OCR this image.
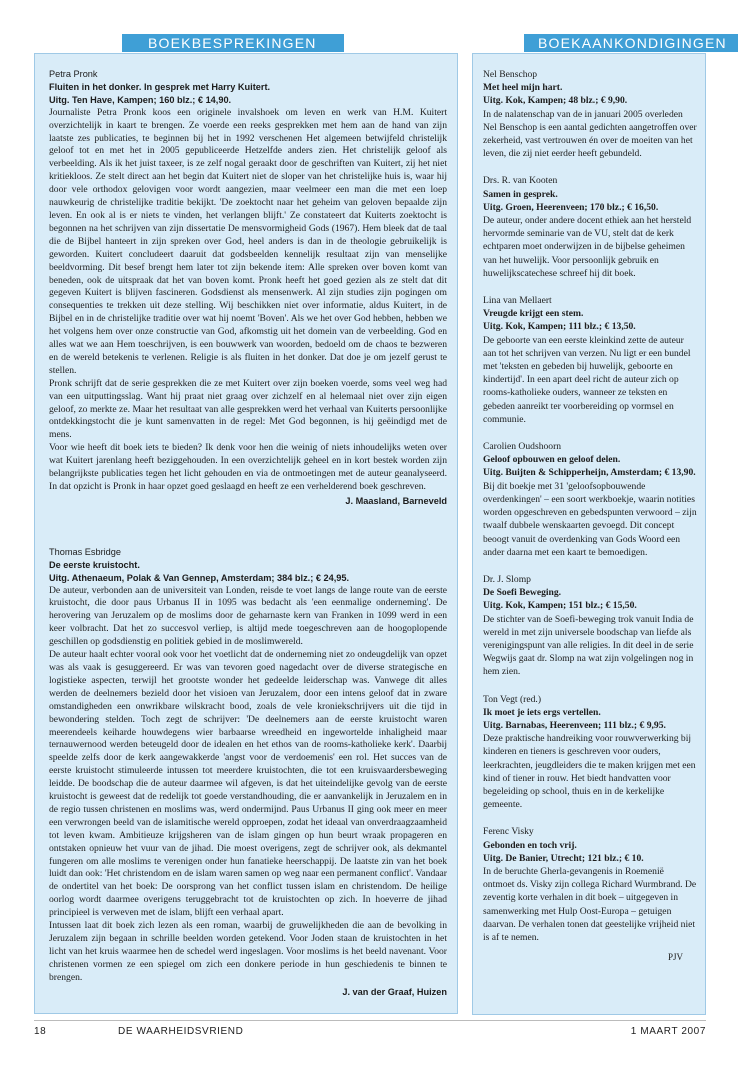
BOEKBESPREKINGEN	BOEKAANKONDIGINGEN
Petra Pronk
Fluiten in het donker. In gesprek met Harry Kuitert.
Uitg. Ten Have, Kampen; 160 blz.; € 14,90.

Journaliste Petra Pronk koos een originele invalshoek om leven en werk van H.M. Kuitert overzichtelijk in kaart te brengen. Ze voerde een reeks gesprekken met hem aan de hand van zijn laatste zes publicaties, te beginnen bij het in 1992 verschenen Het algemeen betwijfeld christelijk geloof tot en met het in 2005 gepubliceerde Hetzelfde anders zien. Het christelijk geloof als verbeelding. Als ik het juist taxeer, is ze zelf nogal geraakt door de geschriften van Kuitert, zij het niet kritiekloos. Ze stelt direct aan het begin dat Kuitert niet de sloper van het christelijke huis is, waar hij door vele orthodox gelovigen voor wordt aangezien, maar veelmeer een man die met een loep nauwkeurig de christelijke traditie bekijkt. 'De zoektocht naar het geheim van geloven bepaalde zijn leven. En ook al is er niets te vinden, het verlangen blijft.' Ze constateert dat Kuiterts zoektocht is begonnen na het schrijven van zijn dissertatie De mensvormigheid Gods (1967). Hem bleek dat de taal die de Bijbel hanteert in zijn spreken over God, heel anders is dan in de theologie gebruikelijk is geworden. Kuitert concludeert daaruit dat godsbeelden kennelijk resultaat zijn van menselijke beeldvorming. Dit besef brengt hem later tot zijn bekende item: Alle spreken over boven komt van beneden, ook de uitspraak dat het van boven komt. Pronk heeft het goed gezien als ze stelt dat dit gegeven Kuitert is blijven fascineren. Godsdienst als mensenwerk. Al zijn studies zijn pogingen om consequenties te trekken uit deze stelling. Wij beschikken niet over informatie, aldus Kuitert, in de Bijbel en in de christelijke traditie over wat hij noemt 'Boven'. Als we het over God hebben, hebben we het volgens hem over onze constructie van God, afkomstig uit het domein van de verbeelding. God en alles wat we aan Hem toeschrijven, is een bouwwerk van woorden, bedoeld om de chaos te bezweren en de wereld betekenis te verlenen. Religie is als fluiten in het donker. Dat doe je om jezelf gerust te stellen.

Pronk schrijft dat de serie gesprekken die ze met Kuitert over zijn boeken voerde, soms veel weg had van een uitputtingsslag. Want hij praat niet graag over zichzelf en al helemaal niet over zijn eigen geloof, zo merkte ze. Maar het resultaat van alle gesprekken werd het verhaal van Kuiterts persoonlijke ontdekkingstocht die je kunt samenvatten in de regel: Met God begonnen, is hij geëindigd met de mens.

Voor wie heeft dit boek iets te bieden? Ik denk voor hen die weinig of niets inhoudelijks weten over wat Kuitert jarenlang heeft beziggehouden. In een overzichtelijk geheel en in kort bestek worden zijn belangrijkste publicaties tegen het licht gehouden en via de ontmoetingen met de auteur geanalyseerd. In dat opzicht is Pronk in haar opzet goed geslaagd en heeft ze een verhelderend boek geschreven.

J. Maasland, Barneveld
Thomas Esbridge
De eerste kruistocht.
Uitg. Athenaeum, Polak & Van Gennep, Amsterdam; 384 blz.; € 24,95.

De auteur, verbonden aan de universiteit van Londen, reisde te voet langs de lange route van de eerste kruistocht, die door paus Urbanus II in 1095 was bedacht als 'een eenmalige onderneming'. De herovering van Jeruzalem op de moslims door de geharnaste kern van Franken in 1099 werd in een keer volbracht. Dat het zo succesvol verliep, is altijd mede toegeschreven aan de hoogoplopende geschillen op godsdienstig en politiek gebied in de moslimwereld.

De auteur haalt echter vooral ook voor het voetlicht dat de onderneming niet zo ondeugdelijk van opzet was als vaak is gesuggereerd. Er was van tevoren goed nagedacht over de diverse strategische en logistieke aspecten, terwijl het grootste wonder het gedeelde leiderschap was. Vanwege dit alles werden de deelnemers bezield door het visioen van Jeruzalem, door een intens geloof dat in zware omstandigheden een onwrikbare wilskracht bood, zoals de vele kroniekschrijvers uit die tijd in bewondering stelden. Toch zegt de schrijver: 'De deelnemers aan de eerste kruistocht waren meerendeels keiharde houwdegens wier barbaarse wreedheid en ingewortelde inhaligheid maar ternauwernood werden beteugeld door de idealen en het ethos van de rooms-katholieke kerk'. Daarbij speelde zelfs door de kerk aangewakkerde 'angst voor de verdoemenis' een rol. Het succes van de eerste kruistocht stimuleerde intussen tot meerdere kruistochten, die tot een kruisvaardersbeweging leidde. De boodschap die de auteur daarmee wil afgeven, is dat het uiteindelijke gevolg van de eerste kruistocht is geweest dat de redelijk tot goede verstandhouding, die er aanvankelijk in Jeruzalem en in de regio tussen christenen en moslims was, werd ondermijnd. Paus Urbanus II ging ook meer en meer een verwrongen beeld van de islamitische wereld opproepen, zodat het ideaal van onverdraagzaamheid tot leven kwam. Ambitieuze krijgsheren van de islam gingen op hun beurt wraak propageren en ontstaken opnieuw het vuur van de jihad. Die moest overigens, zegt de schrijver ook, als dekmantel fungeren om alle moslims te verenigen onder hun fanatieke heerschappij. De laatste zin van het boek luidt dan ook: 'Het christendom en de islam waren samen op weg naar een permanent conflict'. Vandaar de ondertitel van het boek: De oorsprong van het conflict tussen islam en christendom. De heilige oorlog wordt daarmee overigens teruggebracht tot de kruistochten op zich. In hoeverre de jihad principieel is verweven met de islam, blijft een verhaal apart.

Intussen laat dit boek zich lezen als een roman, waarbij de gruwelijkheden die aan de bevolking in Jeruzalem zijn begaan in schrille beelden worden getekend. Voor Joden staan de kruistochten in het licht van het kruis waarmee hen de schedel werd ingeslagen. Voor moslims is het beeld navenant. Voor christenen vormen ze een spiegel om zich een donkere periode in hun geschiedenis te binnen te brengen.

J. van der Graaf, Huizen
Nel Benschop
Met heel mijn hart.
Uitg. Kok, Kampen; 48 blz.; € 9,90.

In de nalatenschap van de in januari 2005 overleden Nel Benschop is een aantal gedichten aangetroffen over zekerheid, vast vertrouwen én over de moeiten van het leven, die zij niet eerder heeft gebundeld.

Drs. R. van Kooten
Samen in gesprek.
Uitg. Groen, Heerenveen; 170 blz.; € 16,50.

De auteur, onder andere docent ethiek aan het hersteld hervormde seminarie van de VU, stelt dat de kerk echtparen moet onderwijzen in de bijbelse geheimen van het huwelijk. Voor persoonlijk gebruik en huwelijkscatechese schreef hij dit boek.

Lina van Mellaert
Vreugde krijgt een stem.
Uitg. Kok, Kampen; 111 blz.; € 13,50.

De geboorte van een eerste kleinkind zette de auteur aan tot het schrijven van verzen. Nu ligt er een bundel met 'teksten en gebeden bij huwelijk, geboorte en kindertijd'. In een apart deel richt de auteur zich op rooms-katholieke ouders, wanneer ze teksten en gebeden aanreikt ter voorbereiding op vormsel en communie.

Carolien Oudshoorn
Geloof opbouwen en geloof delen.
Uitg. Buijten & Schipperheijn, Amsterdam; € 13,90.

Bij dit boekje met 31 'geloofsopbouwende overdenkingen' – een soort werkboekje, waarin notities worden opgeschreven en gebedspunten verwoord – zijn twaalf dubbele wenskaarten gevoegd. Dit concept beoogt vanuit de overdenking van Gods Woord een ander daarna met een kaart te bemoedigen.

Dr. J. Slomp
De Soefi Beweging.
Uitg. Kok, Kampen; 151 blz.; € 15,50.

De stichter van de Soefi-beweging trok vanuit India de wereld in met zijn universele boodschap van liefde als verenigingspunt van alle religies. In dit deel in de serie Wegwijs gaat dr. Slomp na wat zijn volgelingen nog in hem zien.

Ton Vegt (red.)
Ik moet je iets ergs vertellen.
Uitg. Barnabas, Heerenveen; 111 blz.; € 9,95.

Deze praktische handreiking voor rouwverwerking bij kinderen en tieners is geschreven voor ouders, leerkrachten, jeugdleiders die te maken krijgen met een kind of tiener in rouw. Het biedt handvatten voor begeleiding op school, thuis en in de kerkelijke gemeente.

Ferenc Visky
Gebonden en toch vrij.
Uitg. De Banier, Utrecht; 121 blz.; € 10.

In de beruchte Gherla-gevangenis in Roemenië ontmoet ds. Visky zijn collega Richard Wurmbrand. De zeventig korte verhalen in dit boek – uitgegeven in samenwerking met Hulp Oost-Europa – getuigen daarvan. De verhalen tonen dat geestelijke vrijheid niet is af te nemen.

PJV
18	DE WAARHEIDSVRIEND	1 MAART 2007
